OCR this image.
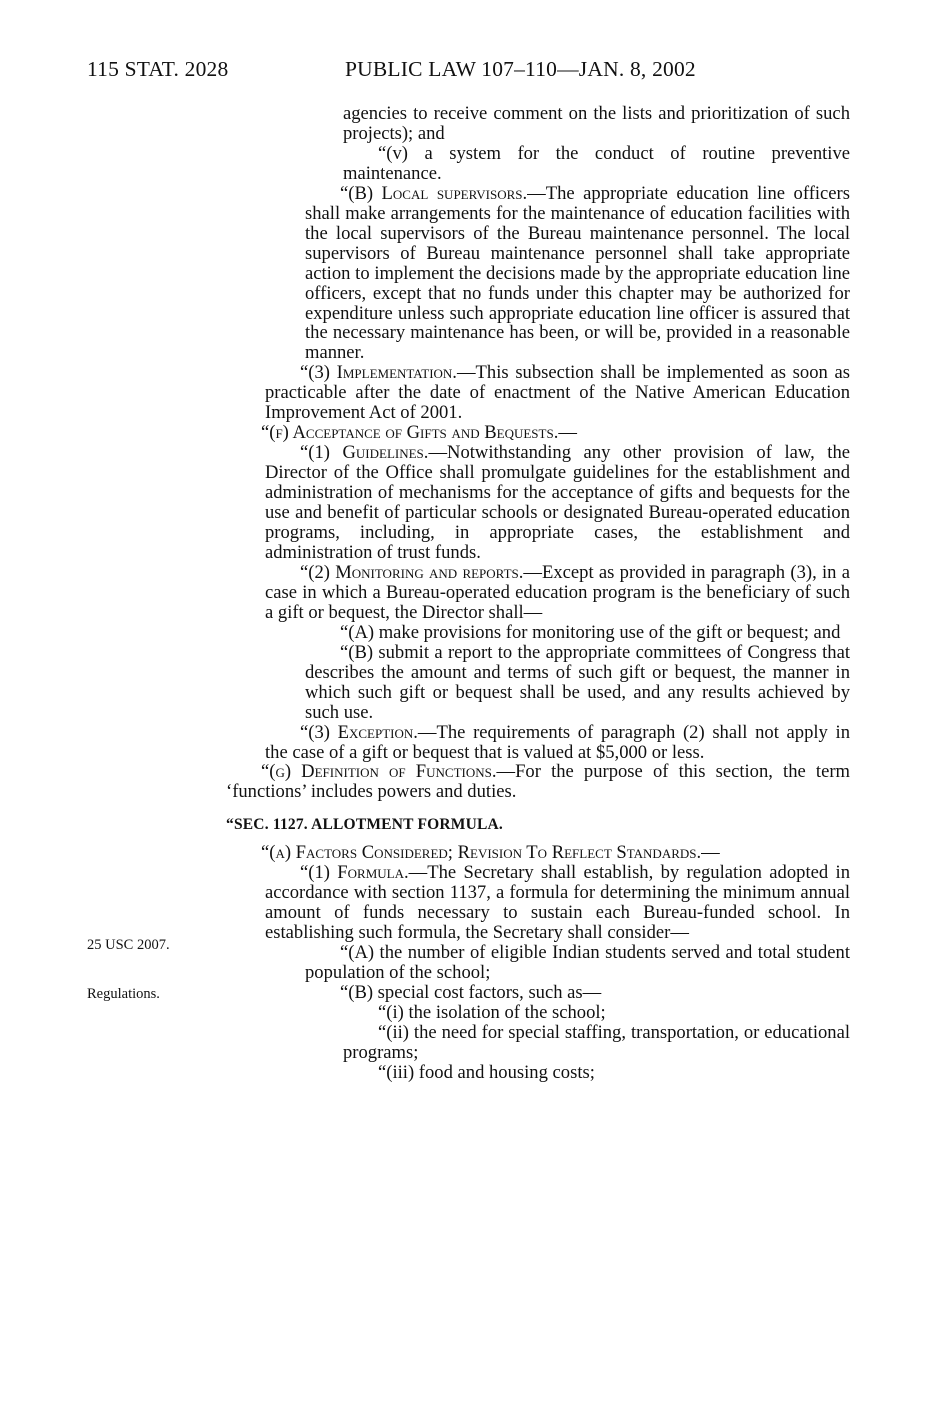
115 STAT. 2028	PUBLIC LAW 107–110—JAN. 8, 2002
25 USC 2007.
Regulations.

agencies to receive comment on the lists and prioritization of such projects); and

“(v) a system for the conduct of routine preventive maintenance.

“(B) Local supervisors.—The appropriate education line officers shall make arrangements for the maintenance of education facilities with the local supervisors of the Bureau maintenance personnel. The local supervisors of Bureau maintenance personnel shall take appropriate action to implement the decisions made by the appropriate education line officers, except that no funds under this chapter may be authorized for expenditure unless such appropriate education line officer is assured that the necessary maintenance has been, or will be, provided in a reasonable manner.

“(3) Implementation.—This subsection shall be implemented as soon as practicable after the date of enactment of the Native American Education Improvement Act of 2001.

“(f) Acceptance of Gifts and Bequests.—

“(1) Guidelines.—Notwithstanding any other provision of law, the Director of the Office shall promulgate guidelines for the establishment and administration of mechanisms for the acceptance of gifts and bequests for the use and benefit of particular schools or designated Bureau-operated education programs, including, in appropriate cases, the establishment and administration of trust funds.

“(2) Monitoring and reports.—Except as provided in paragraph (3), in a case in which a Bureau-operated education program is the beneficiary of such a gift or bequest, the Director shall—

“(A) make provisions for monitoring use of the gift or bequest; and

“(B) submit a report to the appropriate committees of Congress that describes the amount and terms of such gift or bequest, the manner in which such gift or bequest shall be used, and any results achieved by such use.

“(3) Exception.—The requirements of paragraph (2) shall not apply in the case of a gift or bequest that is valued at $5,000 or less.

“(g) Definition of Functions.—For the purpose of this section, the term ‘functions’ includes powers and duties.

“SEC. 1127. ALLOTMENT FORMULA.

“(a) Factors Considered; Revision To Reflect Standards.—

“(1) Formula.—The Secretary shall establish, by regulation adopted in accordance with section 1137, a formula for determining the minimum annual amount of funds necessary to sustain each Bureau-funded school. In establishing such formula, the Secretary shall consider—

“(A) the number of eligible Indian students served and total student population of the school;

“(B) special cost factors, such as—

“(i) the isolation of the school;

“(ii) the need for special staffing, transportation, or educational programs;

“(iii) food and housing costs;
